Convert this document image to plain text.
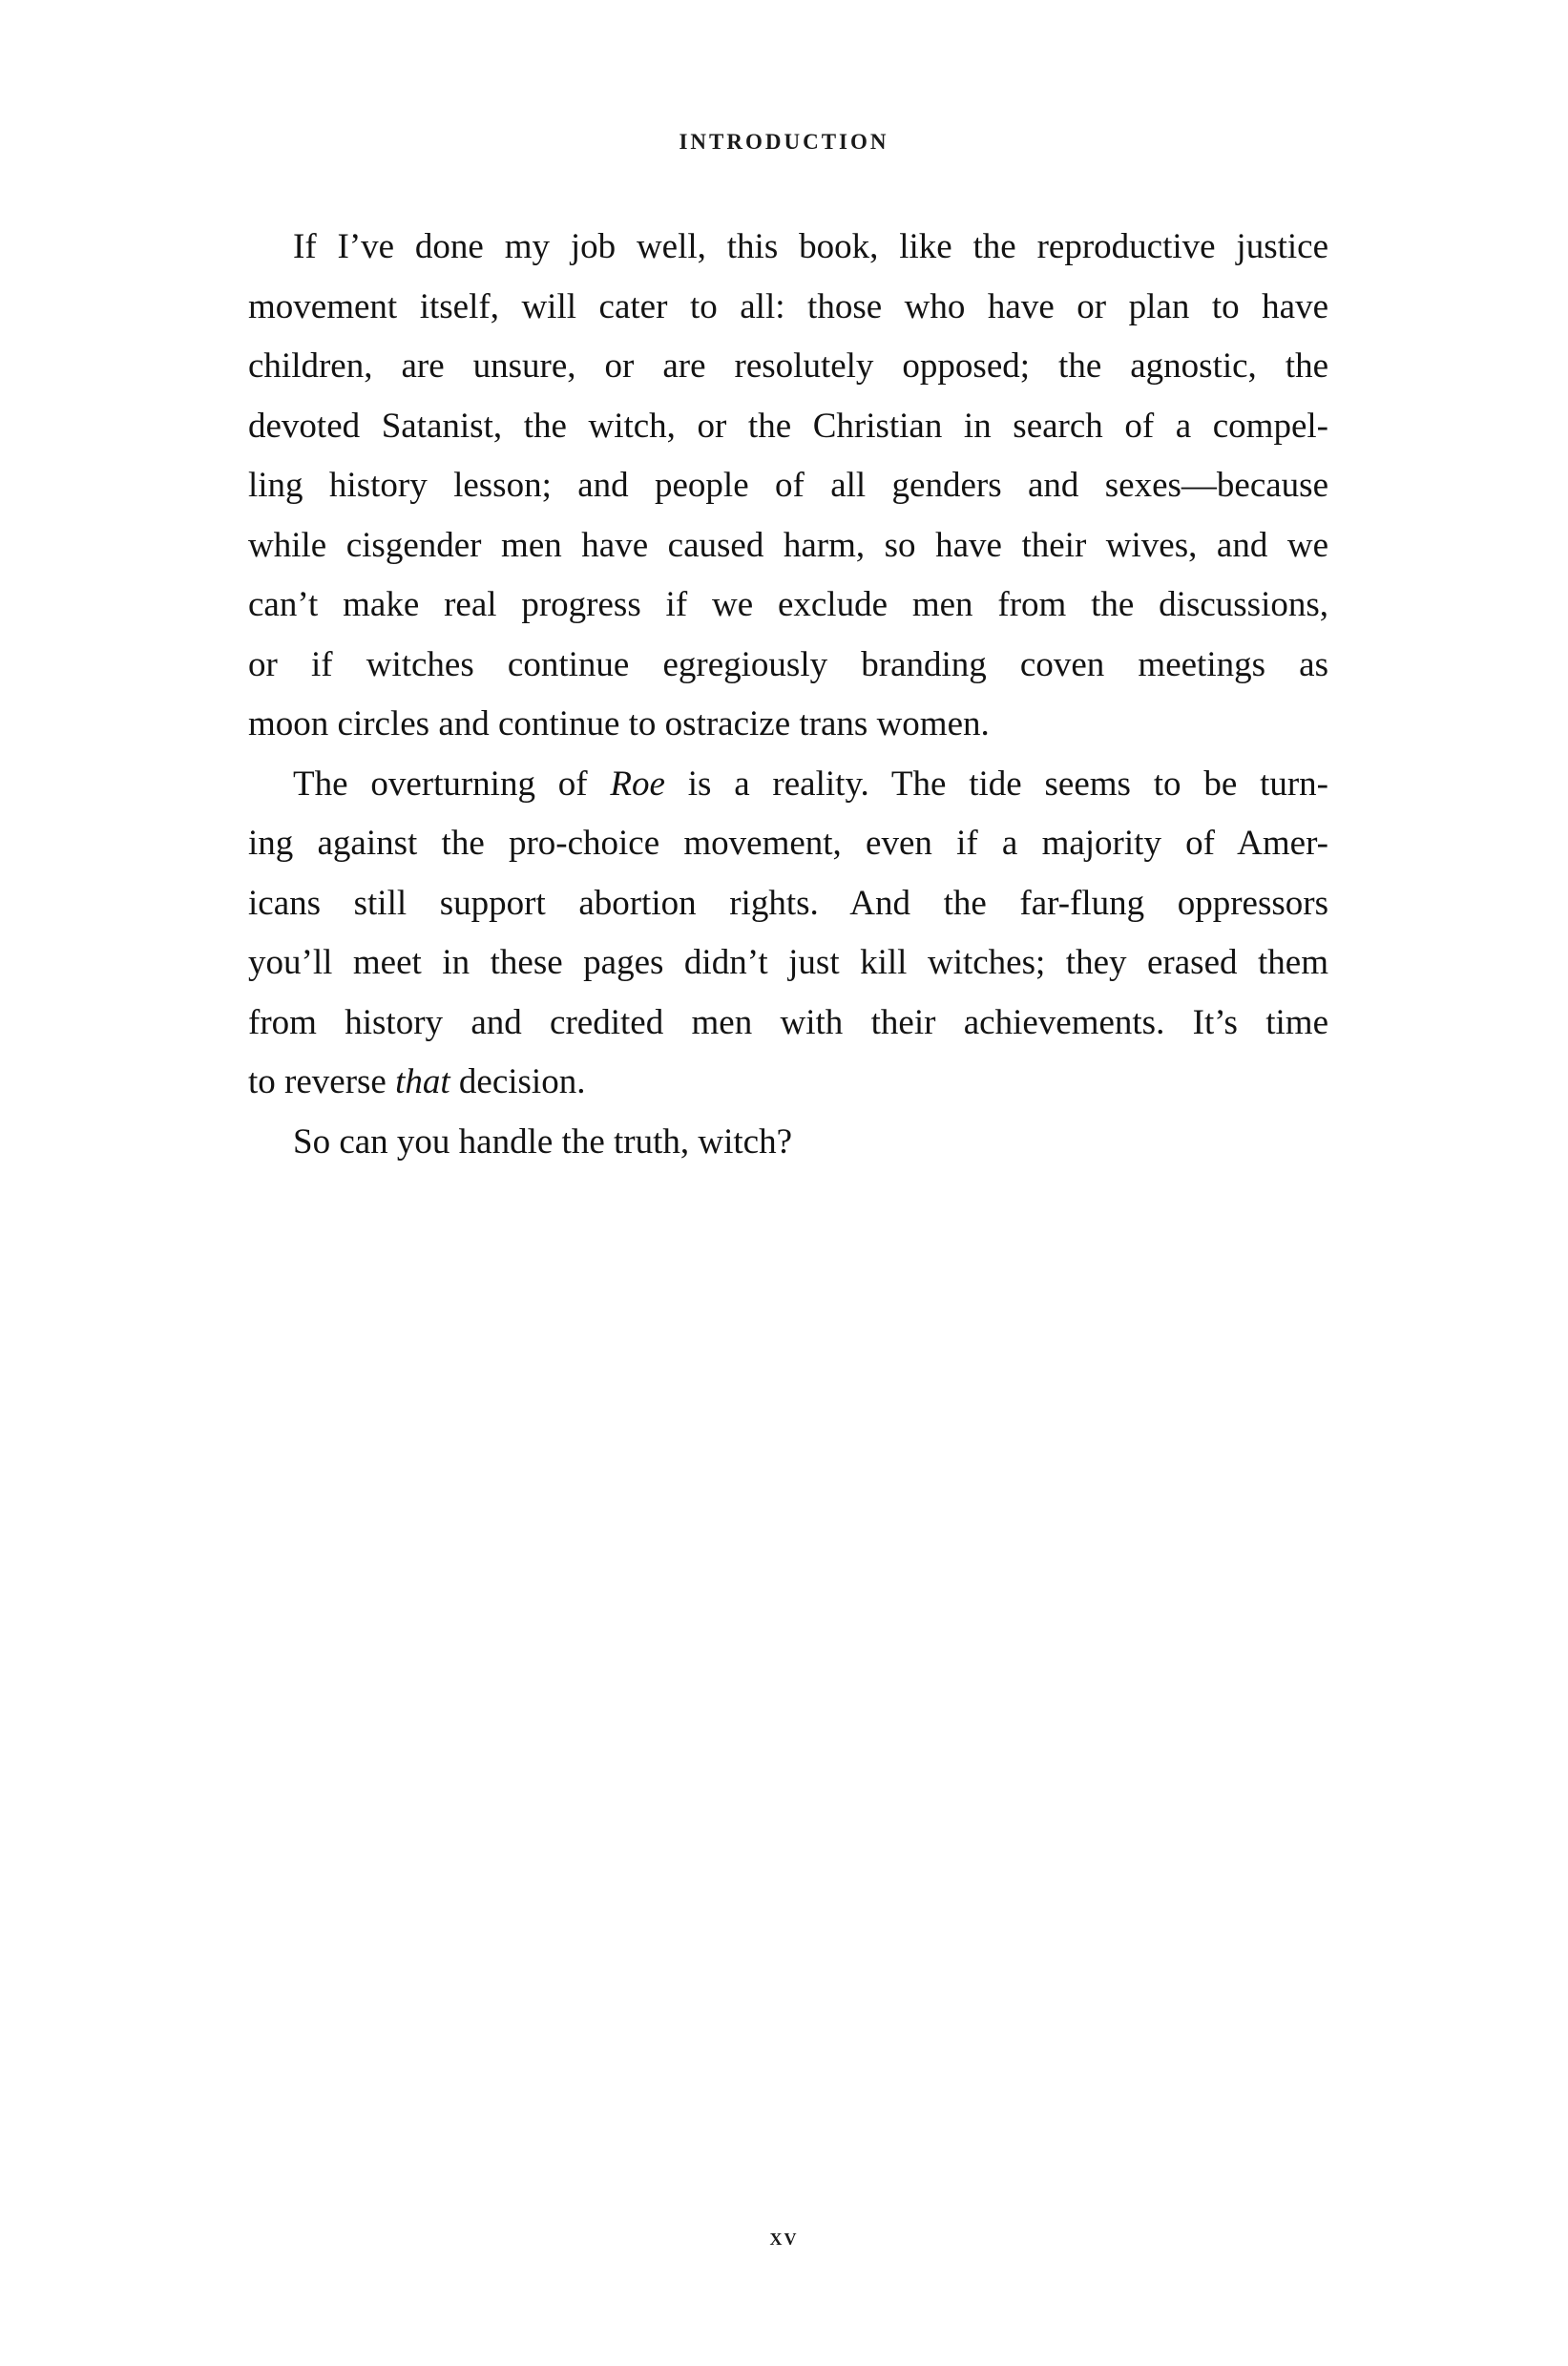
INTRODUCTION
If I’ve done my job well, this book, like the reproductive justice
movement itself, will cater to all: those who have or plan to have
children, are unsure, or are resolutely opposed; the agnostic, the
devoted Satanist, the witch, or the Christian in search of a compel-
ling history lesson; and people of all genders and sexes—because
while cisgender men have caused harm, so have their wives, and we
can’t make real progress if we exclude men from the discussions,
or if witches continue egregiously branding coven meetings as
moon circles and continue to ostracize trans women.
The overturning of Roe is a reality. The tide seems to be turn-
ing against the pro-choice movement, even if a majority of Amer-
icans still support abortion rights. And the far-flung oppressors
you’ll meet in these pages didn’t just kill witches; they erased them
from history and credited men with their achievements. It’s time
to reverse that decision.
So can you handle the truth, witch?
XV
